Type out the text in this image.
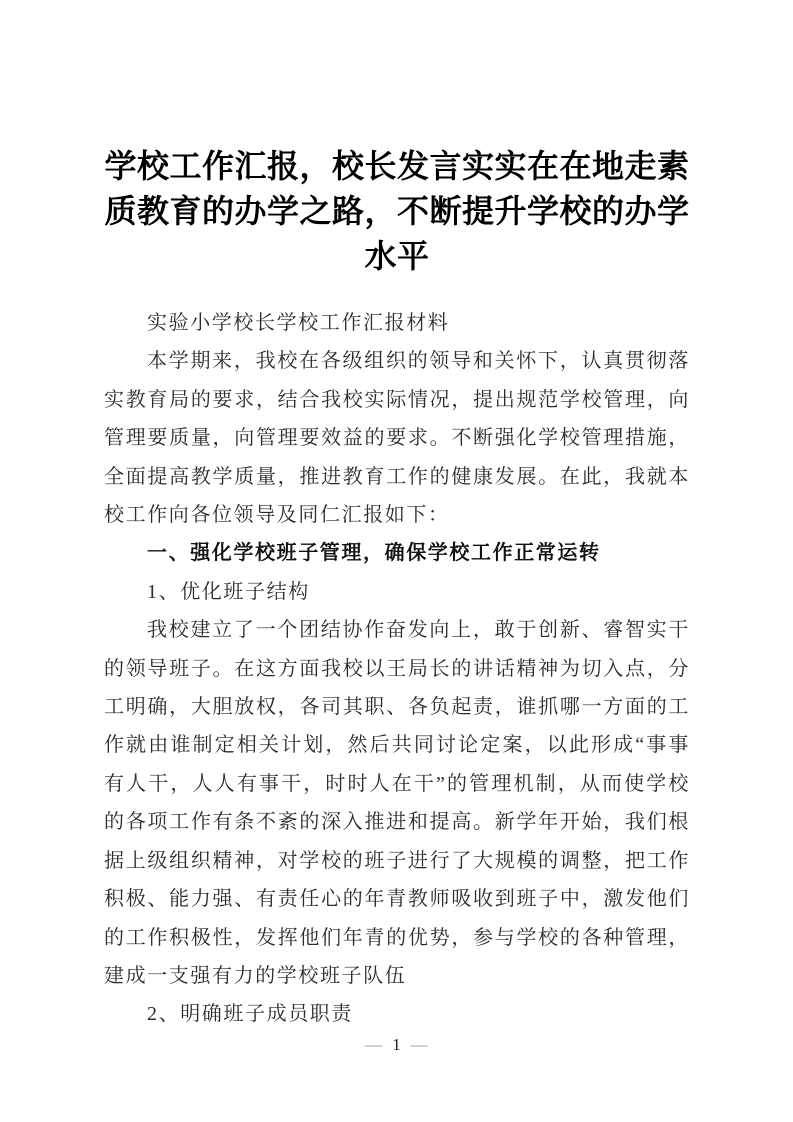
学校工作汇报，校长发言实实在在地走素质教育的办学之路，不断提升学校的办学水平

实验小学校长学校工作汇报材料

本学期来，我校在各级组织的领导和关怀下，认真贯彻落实教育局的要求，结合我校实际情况，提出规范学校管理，向管理要质量，向管理要效益的要求。不断强化学校管理措施，全面提高教学质量，推进教育工作的健康发展。在此，我就本校工作向各位领导及同仁汇报如下：

一、强化学校班子管理，确保学校工作正常运转

1、优化班子结构

我校建立了一个团结协作奋发向上，敢于创新、睿智实干的领导班子。在这方面我校以王局长的讲话精神为切入点，分工明确，大胆放权，各司其职、各负起责，谁抓哪一方面的工作就由谁制定相关计划，然后共同讨论定案，以此形成“事事有人干，人人有事干，时时人在干”的管理机制，从而使学校的各项工作有条不紊的深入推进和提高。新学年开始，我们根据上级组织精神，对学校的班子进行了大规模的调整，把工作积极、能力强、有责任心的年青教师吸收到班子中，激发他们的工作积极性，发挥他们年青的优势，参与学校的各种管理，建成一支强有力的学校班子队伍

2、明确班子成员职责

— 1 —
